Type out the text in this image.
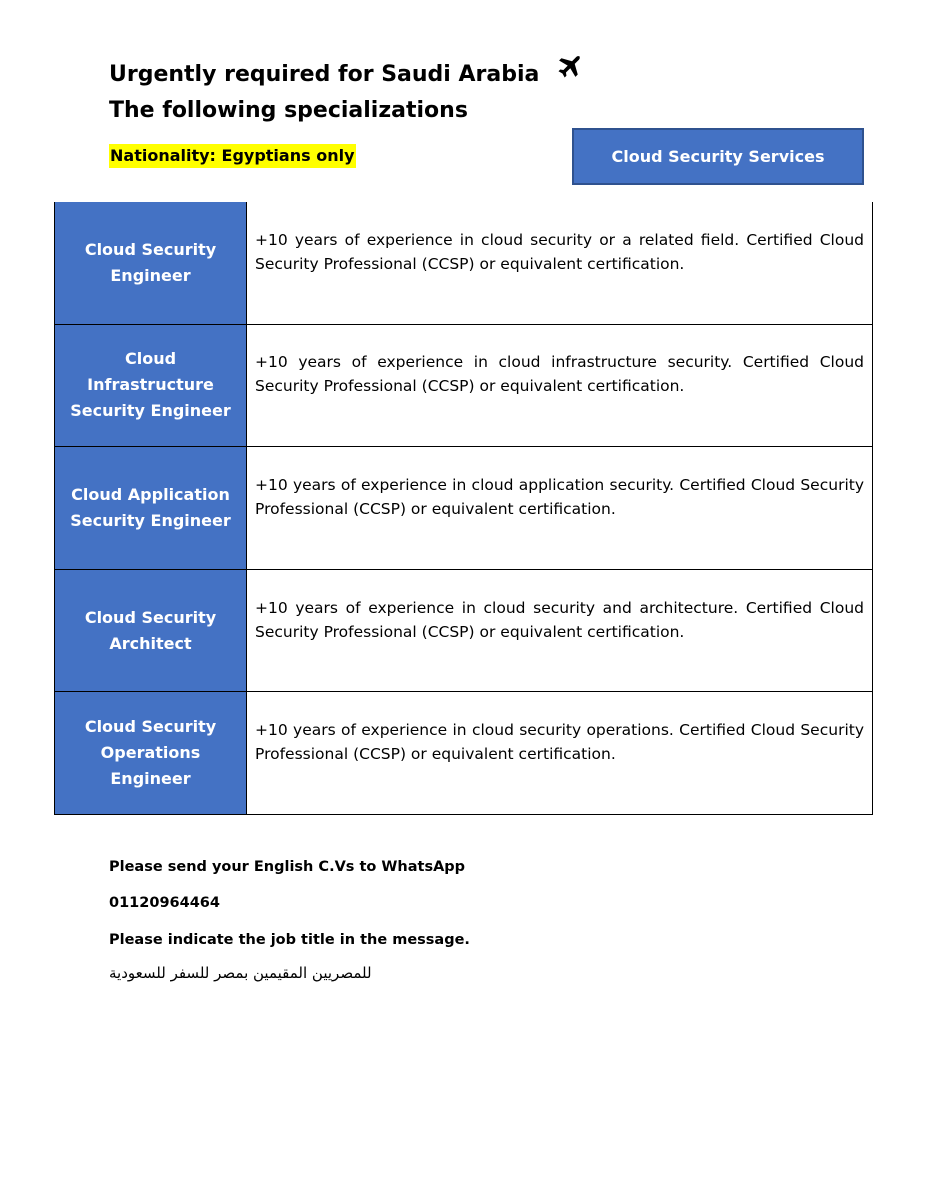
Urgently required for Saudi Arabia
The following specializations
Nationality: Egyptians only	Cloud Security Services
Cloud Security Engineer
+10 years of experience in cloud security or a related field. Certified Cloud Security Professional (CCSP) or equivalent certification.
Cloud Infrastructure Security Engineer
+10 years of experience in cloud infrastructure security. Certified Cloud Security Professional (CCSP) or equivalent certification.
Cloud Application Security Engineer
+10 years of experience in cloud application security. Certified Cloud Security Professional (CCSP) or equivalent certification.
Cloud Security Architect
+10 years of experience in cloud security and architecture. Certified Cloud Security Professional (CCSP) or equivalent certification.
Cloud Security Operations Engineer
+10 years of experience in cloud security operations. Certified Cloud Security Professional (CCSP) or equivalent certification.
Please send your English C.Vs to WhatsApp
01120964464
Please indicate the job title in the message.
للمصريين المقيمين بمصر للسفر للسعودية
